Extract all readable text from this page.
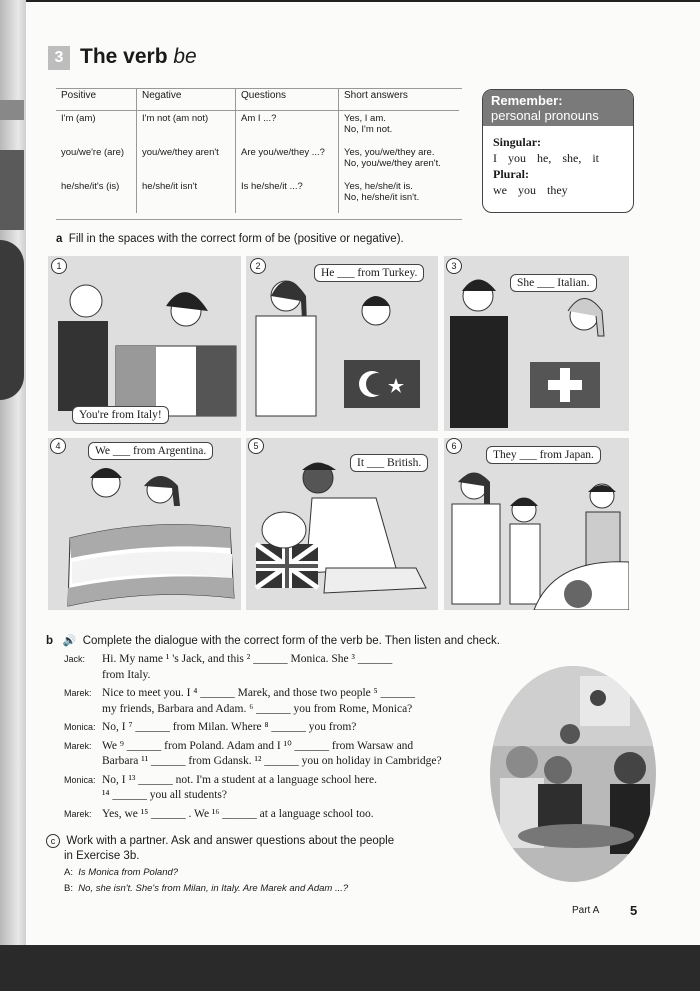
3 The verb be
Positive	Negative	Questions	Short answers
I'm (am)	I'm not (am not)	Am I ...?	Yes, I am.
No, I'm not.

you/we're (are)	you/we/they aren't	Are you/we/they ...?	Yes, you/we/they are.
No, you/we/they aren't.

he/she/it's (is)	he/she/it isn't	Is he/she/it ...?	Yes, he/she/it is.
No, he/she/it isn't.
Remember:
personal pronouns
Singular:
I you he, she, it
Plural:
we you they
a Fill in the spaces with the correct form of be (positive or negative).
1
You're from Italy!
2
He ___ from Turkey.
3
She ___ Italian.
4	We ___ from Argentina.	5
It ___ British.
6
They ___ from Japan.
b 🔊 Complete the dialogue with the correct form of the verb be. Then listen and check.
Jack: Hi. My name ¹ 's Jack, and this ² ______ Monica. She ³ ______
from Italy.
Marek: Nice to meet you. I ⁴ ______ Marek, and those two people ⁵ ______
my friends, Barbara and Adam. ⁶ ______ you from Rome, Monica?
Monica: No, I ⁷ ______ from Milan. Where ⁸ ______ you from?
Marek: We ⁹ ______ from Poland. Adam and I ¹⁰ ______ from Warsaw and
Barbara ¹¹ ______ from Gdansk. ¹² ______ you on holiday in Cambridge?
Monica: No, I ¹³ ______ not. I'm a student at a language school here.
¹⁴ ______ you all students?
Marek: Yes, we ¹⁵ ______ . We ¹⁶ ______ at a language school too.
c Work with a partner. Ask and answer questions about the people
in Exercise 3b.
A: Is Monica from Poland?
B: No, she isn't. She's from Milan, in Italy. Are Marek and Adam ...?
Part A 5
